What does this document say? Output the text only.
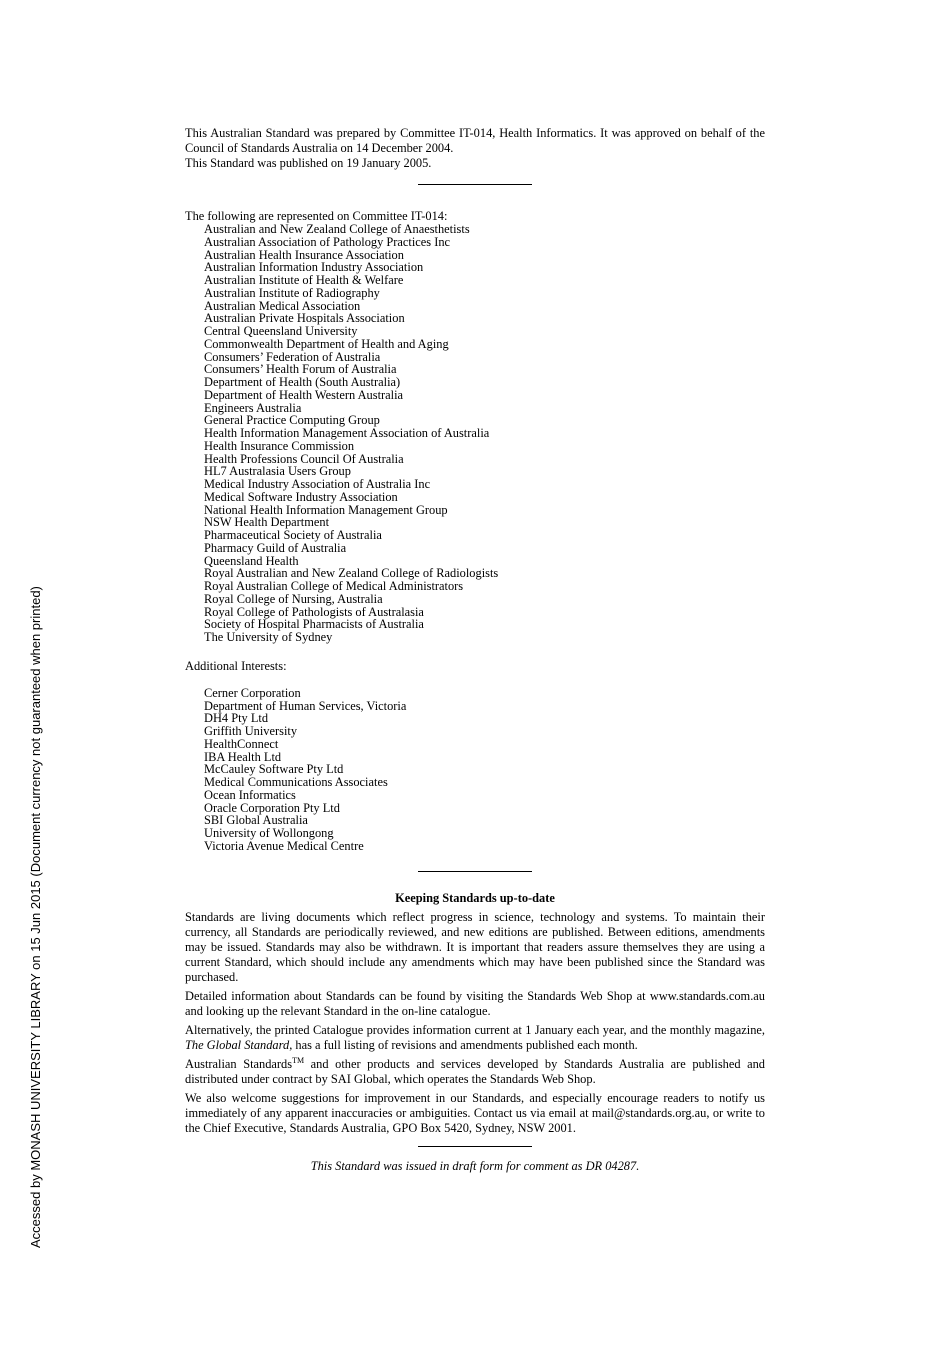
Accessed by MONASH UNIVERSITY LIBRARY on 15 Jun 2015 (Document currency not guaranteed when printed)

This Australian Standard was prepared by Committee IT-014, Health Informatics. It was approved on behalf of the Council of Standards Australia on 14 December 2004.

This Standard was published on 19 January 2005.

The following are represented on Committee IT-014:

Australian and New Zealand College of Anaesthetists
Australian Association of Pathology Practices Inc
Australian Health Insurance Association
Australian Information Industry Association
Australian Institute of Health & Welfare
Australian Institute of Radiography
Australian Medical Association
Australian Private Hospitals Association
Central Queensland University
Commonwealth Department of Health and Aging
Consumers’ Federation of Australia
Consumers’ Health Forum of Australia
Department of Health (South Australia)
Department of Health Western Australia
Engineers Australia
General Practice Computing Group
Health Information Management Association of Australia
Health Insurance Commission
Health Professions Council Of Australia
HL7 Australasia Users Group
Medical Industry Association of Australia Inc
Medical Software Industry Association
National Health Information Management Group
NSW Health Department
Pharmaceutical Society of Australia
Pharmacy Guild of Australia
Queensland Health
Royal Australian and New Zealand College of Radiologists
Royal Australian College of Medical Administrators
Royal College of Nursing, Australia
Royal College of Pathologists of Australasia
Society of Hospital Pharmacists of Australia
The University of Sydney

Additional Interests:

Cerner Corporation
Department of Human Services, Victoria
DH4 Pty Ltd
Griffith University
HealthConnect
IBA Health Ltd
McCauley Software Pty Ltd
Medical Communications Associates
Ocean Informatics
Oracle Corporation Pty Ltd
SBI Global Australia
University of Wollongong
Victoria Avenue Medical Centre

Keeping Standards up-to-date

Standards are living documents which reflect progress in science, technology and systems. To maintain their currency, all Standards are periodically reviewed, and new editions are published. Between editions, amendments may be issued. Standards may also be withdrawn. It is important that readers assure themselves they are using a current Standard, which should include any amendments which may have been published since the Standard was purchased.

Detailed information about Standards can be found by visiting the Standards Web Shop at www.standards.com.au and looking up the relevant Standard in the on-line catalogue.

Alternatively, the printed Catalogue provides information current at 1 January each year, and the monthly magazine, The Global Standard, has a full listing of revisions and amendments published each month.

Australian Standards™ and other products and services developed by Standards Australia are published and distributed under contract by SAI Global, which operates the Standards Web Shop.

We also welcome suggestions for improvement in our Standards, and especially encourage readers to notify us immediately of any apparent inaccuracies or ambiguities. Contact us via email at mail@standards.org.au, or write to the Chief Executive, Standards Australia, GPO Box 5420, Sydney, NSW 2001.

This Standard was issued in draft form for comment as DR 04287.
